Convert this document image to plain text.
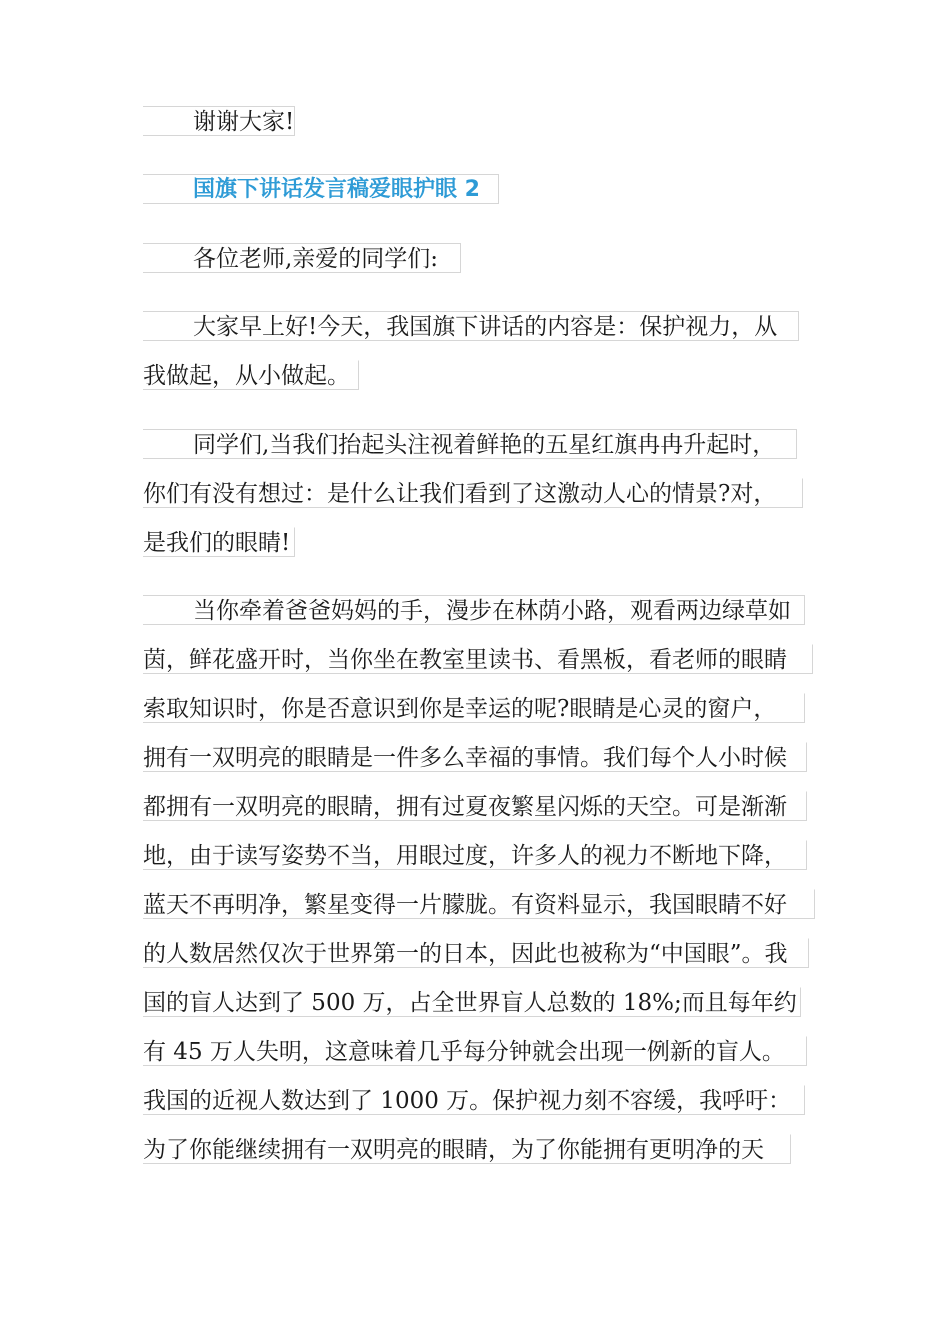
谢谢大家!
国旗下讲话发言稿爱眼护眼 2
各位老师,亲爱的同学们:
大家早上好!今天，我国旗下讲话的内容是：保护视力，从
我做起，从小做起。
同学们,当我们抬起头注视着鲜艳的五星红旗冉冉升起时，
你们有没有想过：是什么让我们看到了这激动人心的情景?对，
是我们的眼睛!
当你牵着爸爸妈妈的手，漫步在林荫小路，观看两边绿草如
茵，鲜花盛开时，当你坐在教室里读书、看黑板，看老师的眼睛
索取知识时，你是否意识到你是幸运的呢?眼睛是心灵的窗户，
拥有一双明亮的眼睛是一件多么幸福的事情。我们每个人小时候
都拥有一双明亮的眼睛，拥有过夏夜繁星闪烁的天空。可是渐渐
地，由于读写姿势不当，用眼过度，许多人的视力不断地下降，
蓝天不再明净，繁星变得一片朦胧。有资料显示，我国眼睛不好
的人数居然仅次于世界第一的日本，因此也被称为“中国眼”。我
国的盲人达到了 500 万，占全世界盲人总数的 18%;而且每年约
有 45 万人失明，这意味着几乎每分钟就会出现一例新的盲人。
我国的近视人数达到了 1000 万。保护视力刻不容缓，我呼吁：
为了你能继续拥有一双明亮的眼睛，为了你能拥有更明净的天
